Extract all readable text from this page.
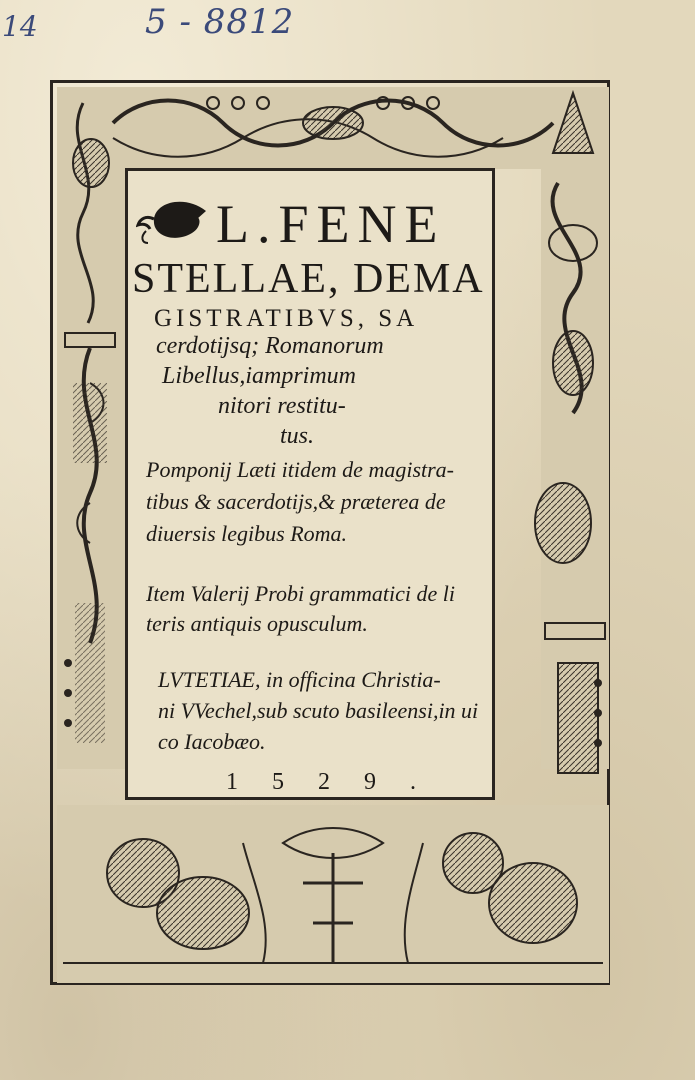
14	5 - 8812
L.FENE
STELLAE, DEMA
GISTRATIBVS, SA
cerdotijsq; Romanorum
Libellus,iamprimum
nitori restitu-
tus.
Pomponij Læti itidem de magistra-
tibus & sacerdotijs,& præterea de
diuersis legibus Roma.
Item Valerij Probi grammatici de li
teris antiquis opusculum.
LVTETIAE, in officina Christia-
ni VVechel,sub scuto basileensi,in ui
co Iacobæo.
1529.
